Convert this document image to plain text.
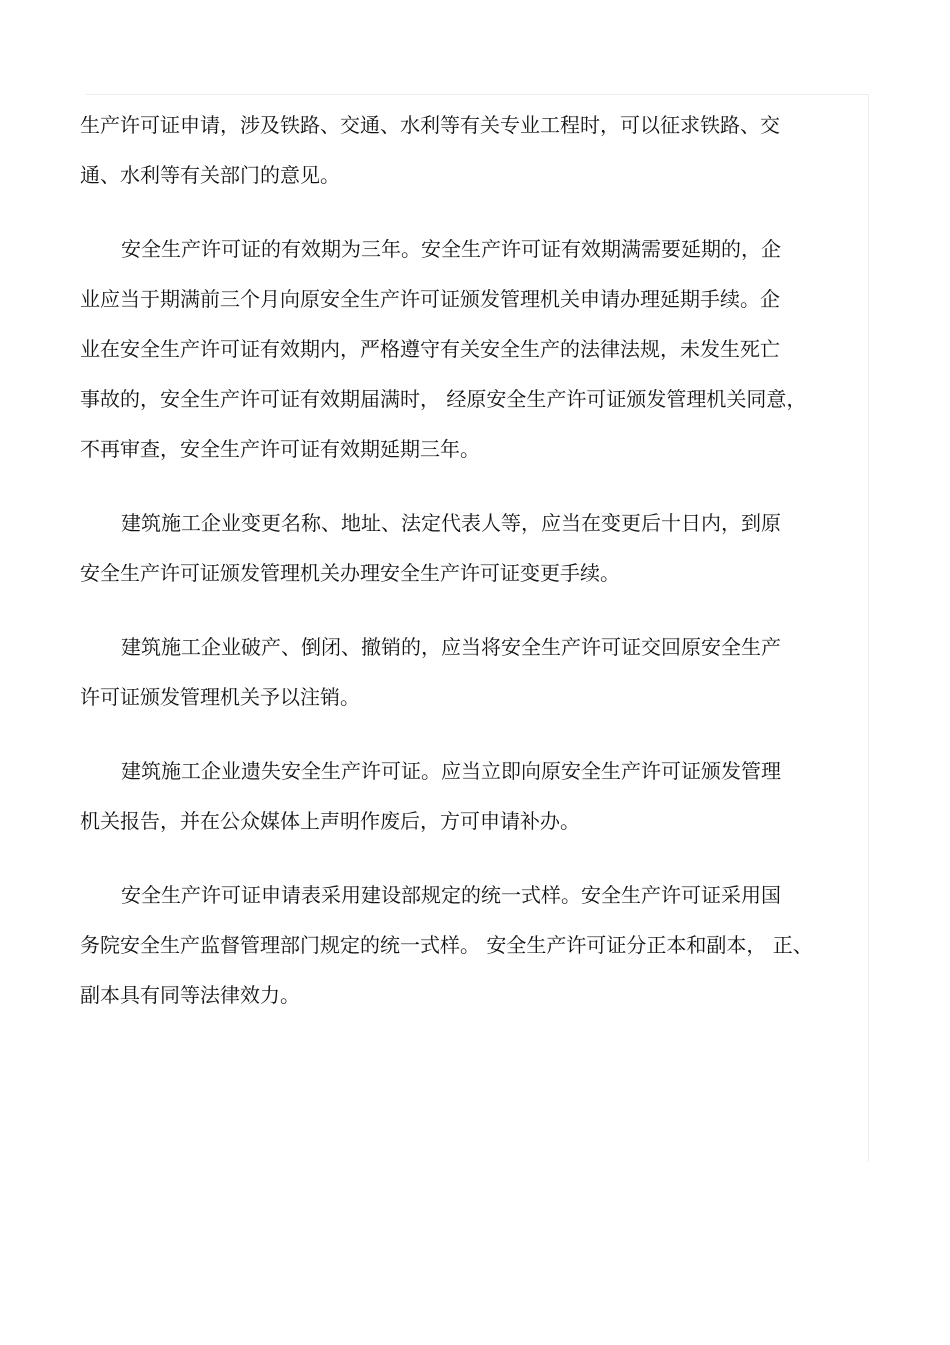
生产许可证申请，涉及铁路、交通、水利等有关专业工程时，可以征求铁路、交
通、水利等有关部门的意见。
安全生产许可证的有效期为三年。安全生产许可证有效期满需要延期的，企
业应当于期满前三个月向原安全生产许可证颁发管理机关申请办理延期手续。企
业在安全生产许可证有效期内，严格遵守有关安全生产的法律法规，未发生死亡
事故的，安全生产许可证有效期届满时， 经原安全生产许可证颁发管理机关同意，
不再审查，安全生产许可证有效期延期三年。
建筑施工企业变更名称、地址、法定代表人等，应当在变更后十日内，到原
安全生产许可证颁发管理机关办理安全生产许可证变更手续。
建筑施工企业破产、倒闭、撤销的，应当将安全生产许可证交回原安全生产
许可证颁发管理机关予以注销。
建筑施工企业遗失安全生产许可证。应当立即向原安全生产许可证颁发管理
机关报告，并在公众媒体上声明作废后，方可申请补办。
安全生产许可证申请表采用建设部规定的统一式样。安全生产许可证采用国
务院安全生产监督管理部门规定的统一式样。 安全生产许可证分正本和副本， 正、
副本具有同等法律效力。
